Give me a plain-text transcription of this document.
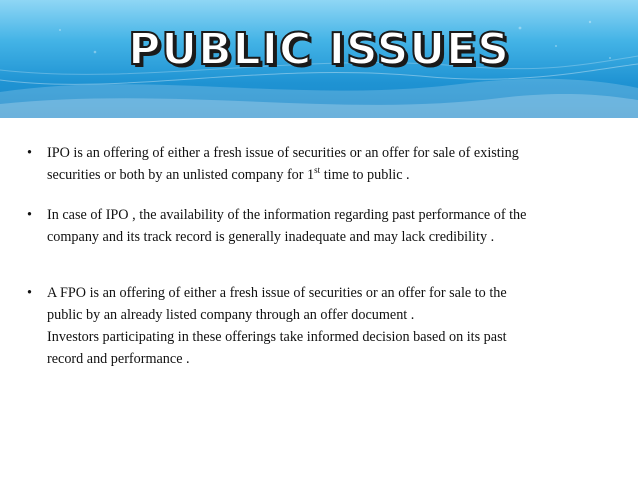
PUBLIC ISSUES
• IPO is an offering of either a fresh issue of securities or an offer for sale of existing
securities or both by an unlisted company for 1st time to public .
• In case of IPO , the availability of the information regarding past performance of the
company and its track record is generally inadequate and may lack credibility .
• A FPO is an offering of either a fresh issue of securities or an offer for sale to the
public by an already listed company through an offer document .
Investors participating in these offerings take informed decision based on its past
record and performance .
